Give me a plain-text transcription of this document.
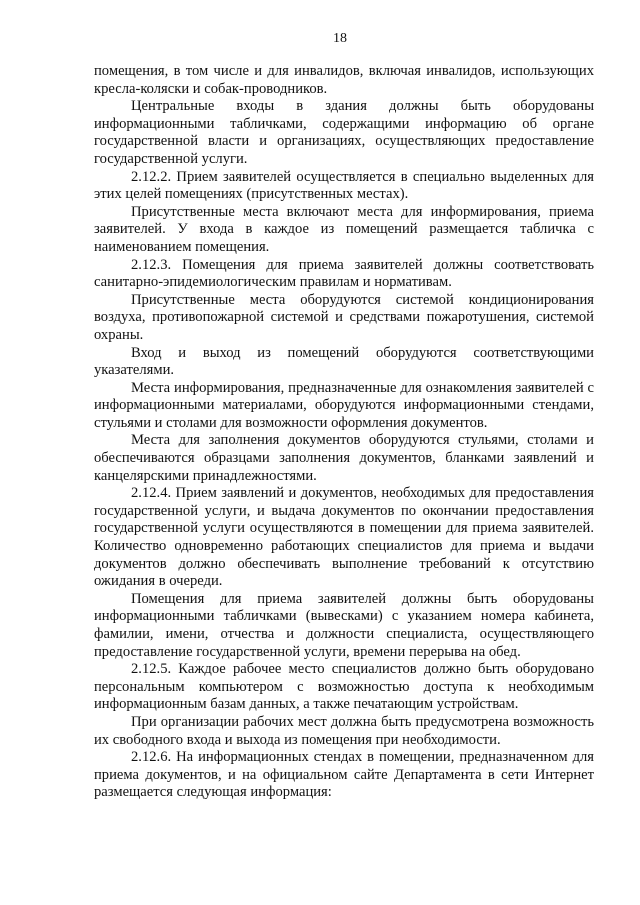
18

помещения, в том числе и для инвалидов, включая инвалидов, использующих кресла-коляски и собак-проводников.

Центральные входы в здания должны быть оборудованы информационными табличками, содержащими информацию об органе государственной власти и организациях, осуществляющих предоставление государственной услуги.

2.12.2. Прием заявителей осуществляется в специально выделенных для этих целей помещениях (присутственных местах).

Присутственные места включают места для информирования, приема заявителей. У входа в каждое из помещений размещается табличка с наименованием помещения.

2.12.3. Помещения для приема заявителей должны соответствовать санитарно-эпидемиологическим правилам и нормативам.

Присутственные места оборудуются системой кондиционирования воздуха, противопожарной системой и средствами пожаротушения, системой охраны.

Вход и выход из помещений оборудуются соответствующими указателями.

Места информирования, предназначенные для ознакомления заявителей с информационными материалами, оборудуются информационными стендами, стульями и столами для возможности оформления документов.

Места для заполнения документов оборудуются стульями, столами и обеспечиваются образцами заполнения документов, бланками заявлений и канцелярскими принадлежностями.

2.12.4. Прием заявлений и документов, необходимых для предоставления государственной услуги, и выдача документов по окончании предоставления государственной услуги осуществляются в помещении для приема заявителей. Количество одновременно работающих специалистов для приема и выдачи документов должно обеспечивать выполнение требований к отсутствию ожидания в очереди.

Помещения для приема заявителей должны быть оборудованы информационными табличками (вывесками) с указанием номера кабинета, фамилии, имени, отчества и должности специалиста, осуществляющего предоставление государственной услуги, времени перерыва на обед.

2.12.5. Каждое рабочее место специалистов должно быть оборудовано персональным компьютером с возможностью доступа к необходимым информационным базам данных, а также печатающим устройствам.

При организации рабочих мест должна быть предусмотрена возможность их свободного входа и выхода из помещения при необходимости.

2.12.6. На информационных стендах в помещении, предназначенном для приема документов, и на официальном сайте Департамента в сети Интернет размещается следующая информация:
